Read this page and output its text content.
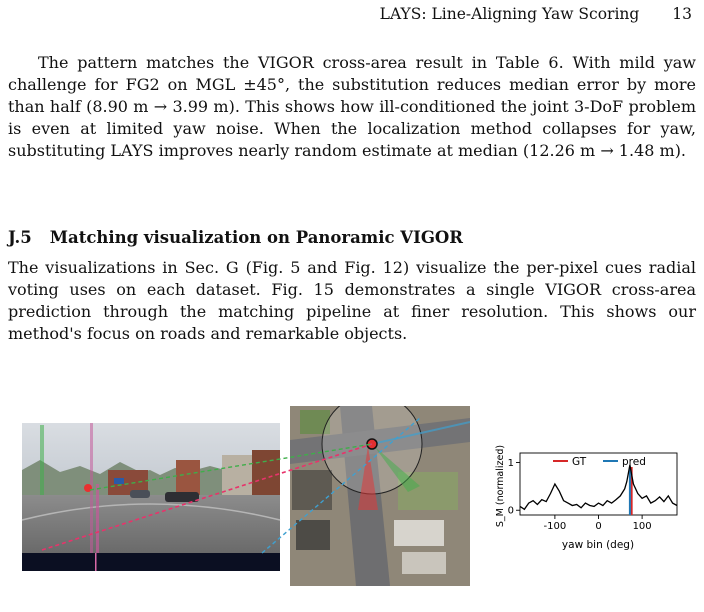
LAYS: Line-Aligning Yaw Scoring 13

The pattern matches the VIGOR cross-area result in Table 6. With mild yaw challenge for FG2 on MGL ±45°, the substitution reduces median error by more than half (8.90 m → 3.99 m). This shows how ill-conditioned the joint 3-DoF problem is even at limited yaw noise. When the localization method collapses for yaw, substituting LAYS improves nearly random estimate at median (12.26 m → 1.48 m).

J.5 Matching visualization on Panoramic VIGOR

The visualizations in Sec. G (Fig. 5 and Fig. 12) visualize the per-pixel cues radial voting uses on each dataset. Fig. 15 demonstrates a single VIGOR cross-area prediction through the matching pipeline at finer resolution. This shows our method's focus on roads and remarkable objects.

GT	pred
-100	0	100
0
1
yaw bin (deg)
S_M (normalized)
